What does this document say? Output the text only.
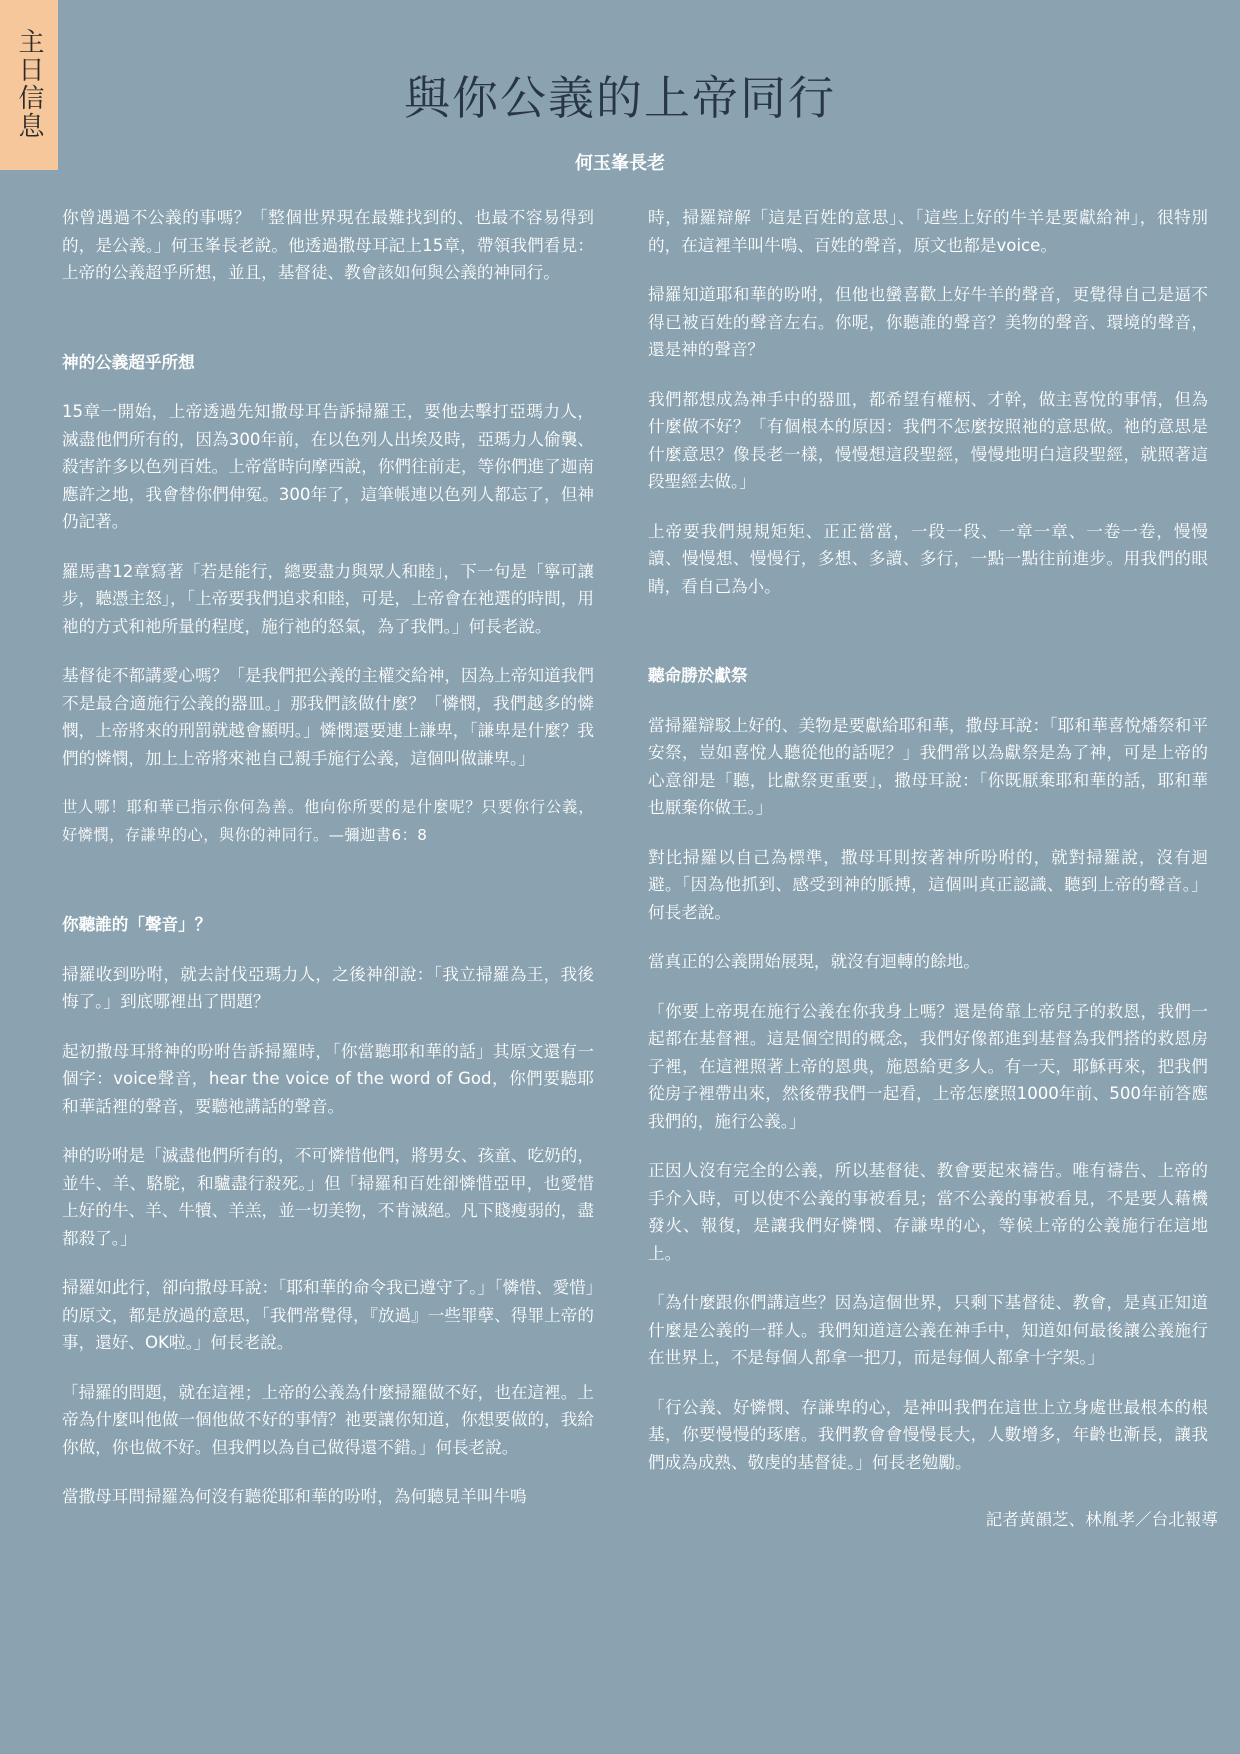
主日信息	與你公義的上帝同行
何玉峯長老

你曾遇過不公義的事嗎？「整個世界現在最難找到的、也最不容易得到的，是公義。」何玉峯長老說。他透過撒母耳記上15章，帶領我們看見：上帝的公義超乎所想，並且，基督徒、教會該如何與公義的神同行。

神的公義超乎所想

15章一開始，上帝透過先知撒母耳告訴掃羅王，要他去擊打亞瑪力人，滅盡他們所有的，因為300年前，在以色列人出埃及時，亞瑪力人偷襲、殺害許多以色列百姓。上帝當時向摩西說，你們往前走，等你們進了迦南應許之地，我會替你們伸冤。300年了，這筆帳連以色列人都忘了，但神仍記著。

羅馬書12章寫著「若是能行，總要盡力與眾人和睦」，下一句是「寧可讓步，聽憑主怒」，「上帝要我們追求和睦，可是，上帝會在祂選的時間，用祂的方式和祂所量的程度，施行祂的怒氣，為了我們。」何長老說。

基督徒不都講愛心嗎？「是我們把公義的主權交給神，因為上帝知道我們不是最合適施行公義的器皿。」那我們該做什麼？「憐憫，我們越多的憐憫，上帝將來的刑罰就越會顯明。」憐憫還要連上謙卑，「謙卑是什麼？我們的憐憫，加上上帝將來祂自己親手施行公義，這個叫做謙卑。」

世人哪！耶和華已指示你何為善。他向你所要的是什麼呢？只要你行公義，好憐憫，存謙卑的心，與你的神同行。—彌迦書6：8

你聽誰的「聲音」？

掃羅收到吩咐，就去討伐亞瑪力人，之後神卻說：「我立掃羅為王，我後悔了。」到底哪裡出了問題？

起初撒母耳將神的吩咐告訴掃羅時，「你當聽耶和華的話」其原文還有一個字：voice聲音，hear the voice of the word of God，你們要聽耶和華話裡的聲音，要聽祂講話的聲音。

神的吩咐是「滅盡他們所有的，不可憐惜他們，將男女、孩童、吃奶的，並牛、羊、駱駝，和驢盡行殺死。」但「掃羅和百姓卻憐惜亞甲，也愛惜上好的牛、羊、牛犢、羊羔，並一切美物，不肯滅絕。凡下賤瘦弱的，盡都殺了。」

掃羅如此行，卻向撒母耳說：「耶和華的命令我已遵守了。」「憐惜、愛惜」的原文，都是放過的意思，「我們常覺得，『放過』一些罪孽、得罪上帝的事，還好、OK啦。」何長老說。

「掃羅的問題，就在這裡；上帝的公義為什麼掃羅做不好，也在這裡。上帝為什麼叫他做一個他做不好的事情？祂要讓你知道，你想要做的，我給你做，你也做不好。但我們以為自己做得還不錯。」何長老說。

當撒母耳問掃羅為何沒有聽從耶和華的吩咐，為何聽見羊叫牛鳴

時，掃羅辯解「這是百姓的意思」、「這些上好的牛羊是要獻給神」，很特別的，在這裡羊叫牛鳴、百姓的聲音，原文也都是voice。

掃羅知道耶和華的吩咐，但他也蠻喜歡上好牛羊的聲音，更覺得自己是逼不得已被百姓的聲音左右。你呢，你聽誰的聲音？美物的聲音、環境的聲音，還是神的聲音？

我們都想成為神手中的器皿，都希望有權柄、才幹，做主喜悅的事情，但為什麼做不好？「有個根本的原因：我們不怎麼按照祂的意思做。祂的意思是什麼意思？像長老一樣，慢慢想這段聖經，慢慢地明白這段聖經，就照著這段聖經去做。」

上帝要我們規規矩矩、正正當當，一段一段、一章一章、一卷一卷，慢慢讀、慢慢想、慢慢行，多想、多讀、多行，一點一點往前進步。用我們的眼睛，看自己為小。

聽命勝於獻祭

當掃羅辯駁上好的、美物是要獻給耶和華，撒母耳說：「耶和華喜悅燔祭和平安祭，豈如喜悅人聽從他的話呢？」我們常以為獻祭是為了神，可是上帝的心意卻是「聽，比獻祭更重要」，撒母耳說：「你既厭棄耶和華的話，耶和華也厭棄你做王。」

對比掃羅以自己為標準，撒母耳則按著神所吩咐的，就對掃羅說，沒有迴避。「因為他抓到、感受到神的脈搏，這個叫真正認識、聽到上帝的聲音。」何長老說。

當真正的公義開始展現，就沒有迴轉的餘地。

「你要上帝現在施行公義在你我身上嗎？還是倚靠上帝兒子的救恩，我們一起都在基督裡。這是個空間的概念，我們好像都進到基督為我們搭的救恩房子裡，在這裡照著上帝的恩典，施恩給更多人。有一天，耶穌再來，把我們從房子裡帶出來，然後帶我們一起看，上帝怎麼照1000年前、500年前答應我們的，施行公義。」

正因人沒有完全的公義，所以基督徒、教會要起來禱告。唯有禱告、上帝的手介入時，可以使不公義的事被看見；當不公義的事被看見，不是要人藉機發火、報復，是讓我們好憐憫、存謙卑的心，等候上帝的公義施行在這地上。

「為什麼跟你們講這些？因為這個世界，只剩下基督徒、教會，是真正知道什麼是公義的一群人。我們知道這公義在神手中，知道如何最後讓公義施行在世界上，不是每個人都拿一把刀，而是每個人都拿十字架。」

「行公義、好憐憫、存謙卑的心，是神叫我們在這世上立身處世最根本的根基，你要慢慢的琢磨。我們教會會慢慢長大，人數增多，年齡也漸長，讓我們成為成熟、敬虔的基督徒。」何長老勉勵。

記者黃韻芝、林胤孝／台北報導
